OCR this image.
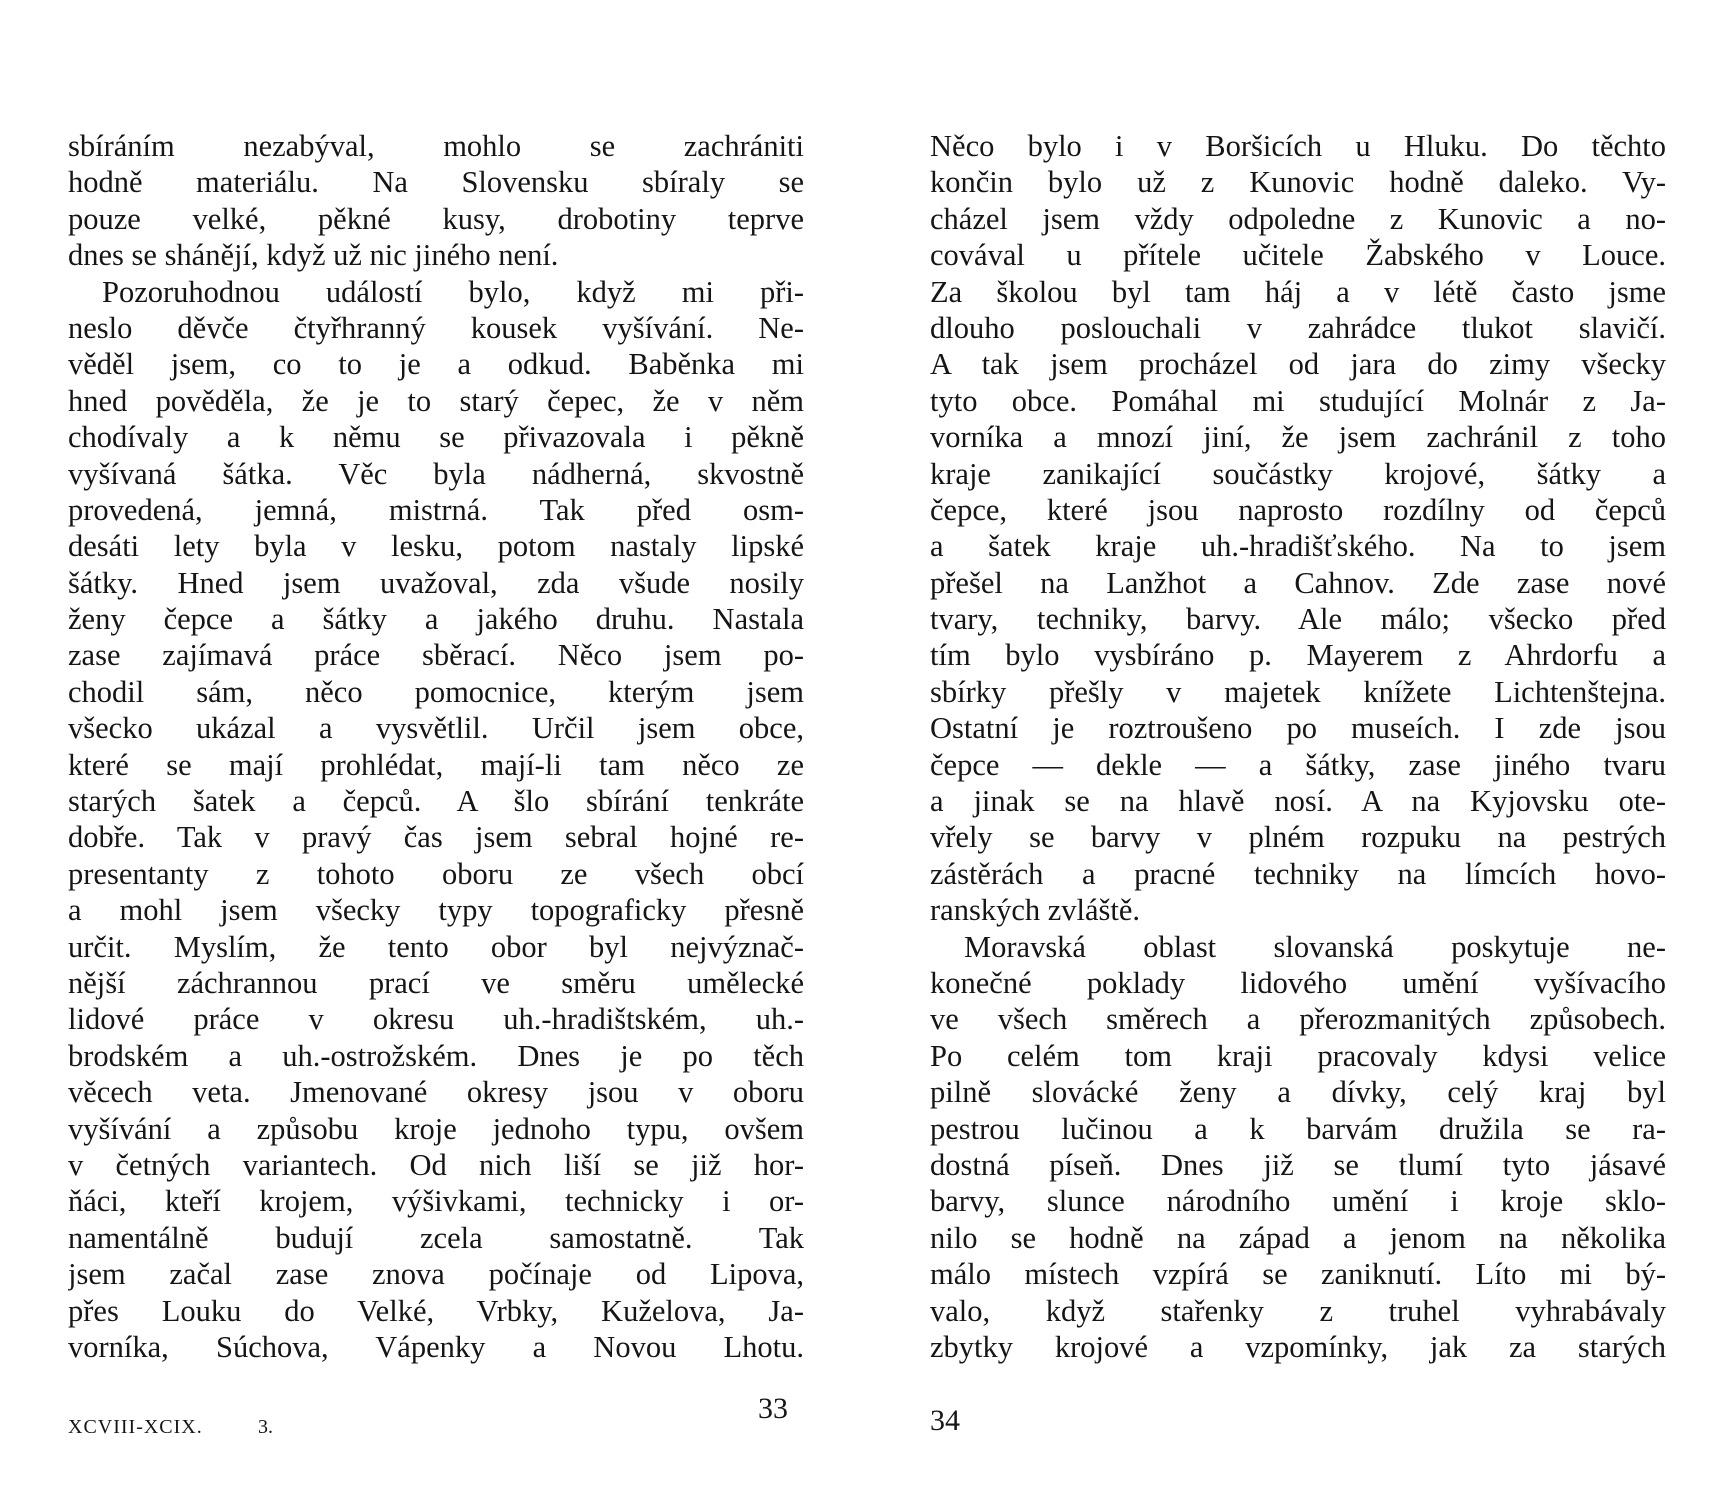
sbíráním nezabýval, mohlo se zachrániti
hodně materiálu. Na Slovensku sbíraly se
pouze velké, pěkné kusy, drobotiny teprve
dnes se shánějí, když už nic jiného není.
Pozoruhodnou událostí bylo, když mi při-
neslo děvče čtyřhranný kousek vyšívání. Ne-
věděl jsem, co to je a odkud. Baběnka mi
hned pověděla, že je to starý čepec, že v něm
chodívaly a k němu se přivazovala i pěkně
vyšívaná šátka. Věc byla nádherná, skvostně
provedená, jemná, mistrná. Tak před osm-
desáti lety byla v lesku, potom nastaly lipské
šátky. Hned jsem uvažoval, zda všude nosily
ženy čepce a šátky a jakého druhu. Nastala
zase zajímavá práce sběrací. Něco jsem po-
chodil sám, něco pomocnice, kterým jsem
všecko ukázal a vysvětlil. Určil jsem obce,
které se mají prohlédat, mají-li tam něco ze
starých šatek a čepců. A šlo sbírání tenkráte
dobře. Tak v pravý čas jsem sebral hojné re-
presentanty z tohoto oboru ze všech obcí
a mohl jsem všecky typy topograficky přesně
určit. Myslím, že tento obor byl nejvýznač-
nější záchrannou prací ve směru umělecké
lidové práce v okresu uh.-hradištském, uh.-
brodském a uh.-ostrožském. Dnes je po těch
věcech veta. Jmenované okresy jsou v oboru
vyšívání a způsobu kroje jednoho typu, ovšem
v četných variantech. Od nich liší se již hor-
ňáci, kteří krojem, výšivkami, technicky i or-
namentálně budují zcela samostatně. Tak
jsem začal zase znova počínaje od Lipova,
přes Louku do Velké, Vrbky, Kuželova, Ja-
vorníka, Súchova, Vápenky a Novou Lhotu.
XCVIII-XCIX.	3.
33
Něco bylo i v Boršicích u Hluku. Do těchto
končin bylo už z Kunovic hodně daleko. Vy-
cházel jsem vždy odpoledne z Kunovic a no-
covával u přítele učitele Žabského v Louce.
Za školou byl tam háj a v létě často jsme
dlouho poslouchali v zahrádce tlukot slavičí.
A tak jsem procházel od jara do zimy všecky
tyto obce. Pomáhal mi studující Molnár z Ja-
vorníka a mnozí jiní, že jsem zachránil z toho
kraje zanikající součástky krojové, šátky a
čepce, které jsou naprosto rozdílny od čepců
a šatek kraje uh.-hradišťského. Na to jsem
přešel na Lanžhot a Cahnov. Zde zase nové
tvary, techniky, barvy. Ale málo; všecko před
tím bylo vysbíráno p. Mayerem z Ahrdorfu a
sbírky přešly v majetek knížete Lichtenštejna.
Ostatní je roztroušeno po museích. I zde jsou
čepce — dekle — a šátky, zase jiného tvaru
a jinak se na hlavě nosí. A na Kyjovsku ote-
vřely se barvy v plném rozpuku na pestrých
zástěrách a pracné techniky na límcích hovo-
ranských zvláště.
Moravská oblast slovanská poskytuje ne-
konečné poklady lidového umění vyšívacího
ve všech směrech a přerozmanitých způsobech.
Po celém tom kraji pracovaly kdysi velice
pilně slovácké ženy a dívky, celý kraj byl
pestrou lučinou a k barvám družila se ra-
dostná píseň. Dnes již se tlumí tyto jásavé
barvy, slunce národního umění i kroje sklo-
nilo se hodně na západ a jenom na několika
málo místech vzpírá se zaniknutí. Líto mi bý-
valo, když stařenky z truhel vyhrabávaly
zbytky krojové a vzpomínky, jak za starých
34
